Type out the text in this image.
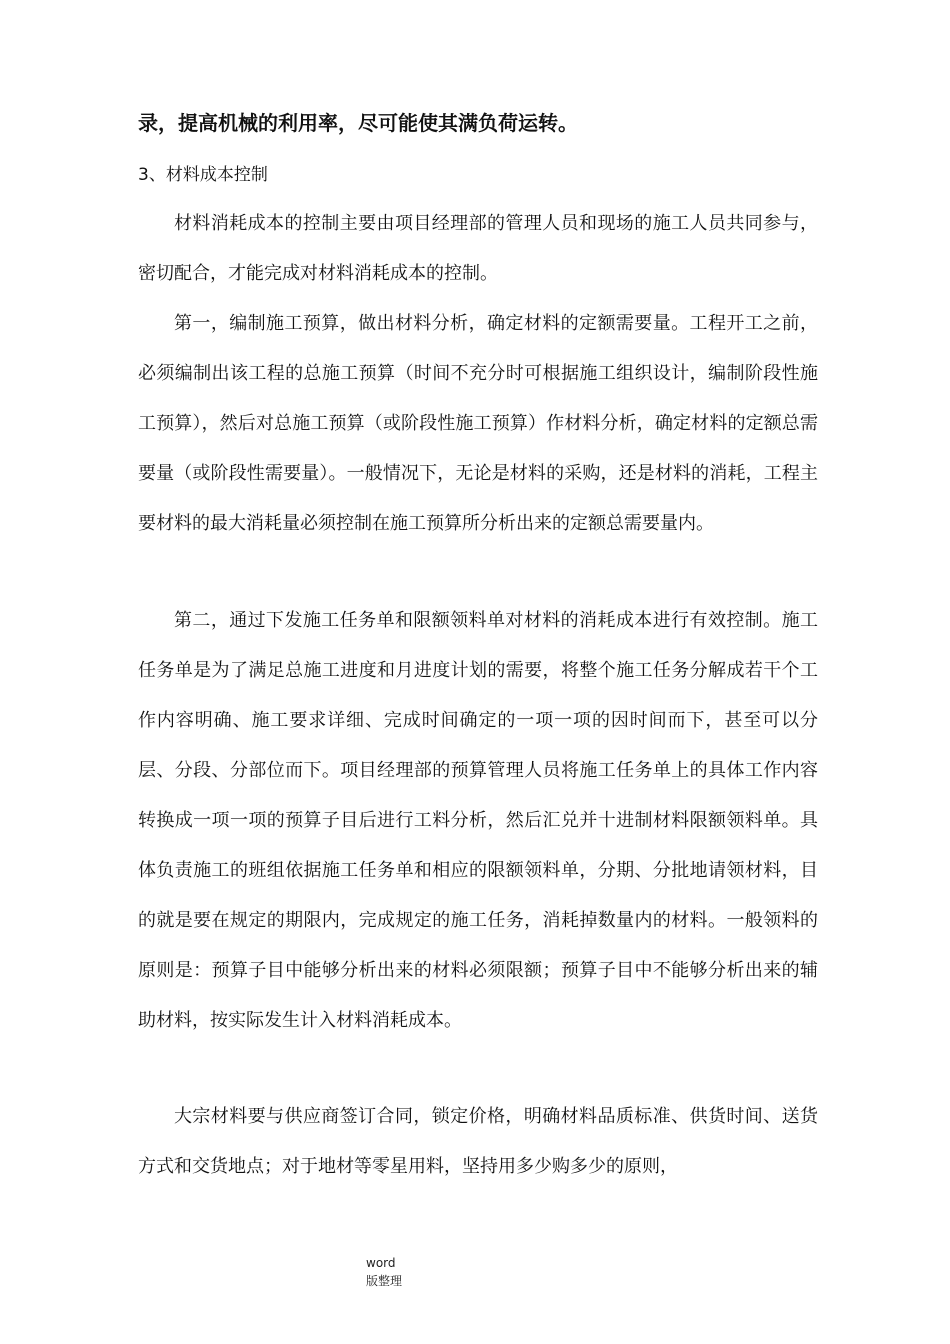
录，提高机械的利用率，尽可能使其满负荷运转。
3、材料成本控制

材料消耗成本的控制主要由项目经理部的管理人员和现场的施工人员共同参与，密切配合，才能完成对材料消耗成本的控制。

第一，编制施工预算，做出材料分析，确定材料的定额需要量。工程开工之前，必须编制出该工程的总施工预算（时间不充分时可根据施工组织设计，编制阶段性施工预算），然后对总施工预算（或阶段性施工预算）作材料分析，确定材料的定额总需要量（或阶段性需要量）。一般情况下，无论是材料的采购，还是材料的消耗，工程主要材料的最大消耗量必须控制在施工预算所分析出来的定额总需要量内。

第二，通过下发施工任务单和限额领料单对材料的消耗成本进行有效控制。施工任务单是为了满足总施工进度和月进度计划的需要，将整个施工任务分解成若干个工作内容明确、施工要求详细、完成时间确定的一项一项的因时间而下，甚至可以分层、分段、分部位而下。项目经理部的预算管理人员将施工任务单上的具体工作内容转换成一项一项的预算子目后进行工料分析，然后汇兑并十进制材料限额领料单。具体负责施工的班组依据施工任务单和相应的限额领料单，分期、分批地请领材料，目的就是要在规定的期限内，完成规定的施工任务，消耗掉数量内的材料。一般领料的原则是：预算子目中能够分析出来的材料必须限额；预算子目中不能够分析出来的辅助材料，按实际发生计入材料消耗成本。

大宗材料要与供应商签订合同，锁定价格，明确材料品质标准、供货时间、送货方式和交货地点；对于地材等零星用料，坚持用多少购多少的原则，

word
版整理
